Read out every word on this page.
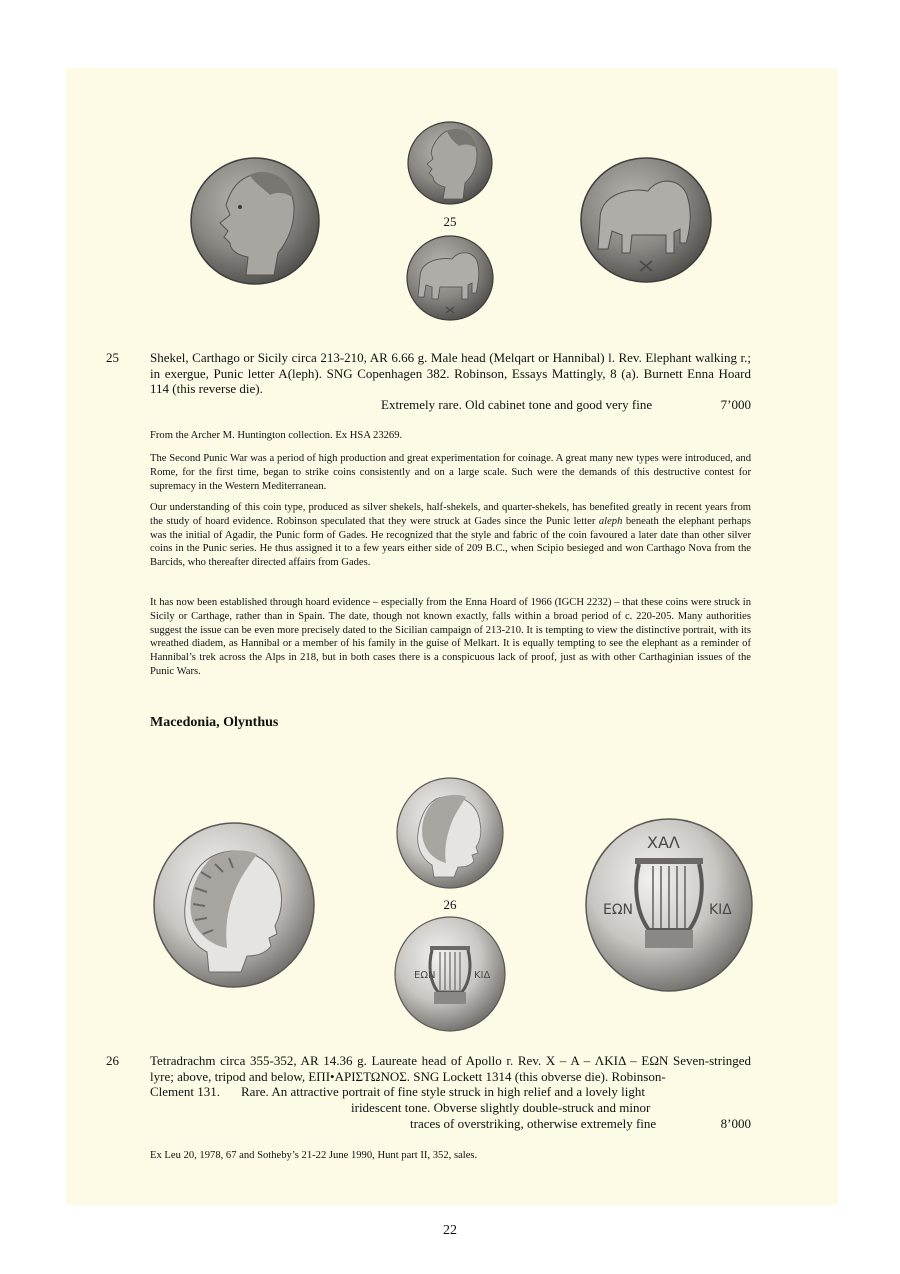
25
25 Shekel, Carthago or Sicily circa 213-210, AR 6.66 g. Male head (Melqart or Hannibal) l. Rev. Elephant walking r.; in exergue, Punic letter A(leph). SNG Copenhagen 382. Robinson, Essays Mattingly, 8 (a). Burnett Enna Hoard 114 (this reverse die).
Extremely rare. Old cabinet tone and good very fine	7’000

From the Archer M. Huntington collection. Ex HSA 23269.

The Second Punic War was a period of high production and great experimentation for coinage. A great many new types were introduced, and Rome, for the first time, began to strike coins consistently and on a large scale. Such were the demands of this destructive contest for supremacy in the Western Mediterranean.

Our understanding of this coin type, produced as silver shekels, half-shekels, and quarter-shekels, has benefited greatly in recent years from the study of hoard evidence. Robinson speculated that they were struck at Gades since the Punic letter aleph beneath the elephant perhaps was the initial of Agadir, the Punic form of Gades. He recognized that the style and fabric of the coin favoured a later date than other silver coins in the Punic series. He thus assigned it to a few years either side of 209 B.C., when Scipio besieged and won Carthago Nova from the Barcids, who thereafter directed affairs from Gades.

It has now been established through hoard evidence – especially from the Enna Hoard of 1966 (IGCH 2232) – that these coins were struck in Sicily or Carthage, rather than in Spain. The date, though not known exactly, falls within a broad period of c. 220-205. Many authorities suggest the issue can be even more precisely dated to the Sicilian campaign of 213-210. It is tempting to view the distinctive portrait, with its wreathed diadem, as Hannibal or a member of his family in the guise of Melkart. It is equally tempting to see the elephant as a reminder of Hannibal’s trek across the Alps in 218, but in both cases there is a conspicuous lack of proof, just as with other Carthaginian issues of the Punic Wars.

Macedonia, Olynthus
26
ΕΩΝ	ΚΙΔ
ΧΑΛ
ΕΩΝ	ΚΙΔ
26 Tetradrachm circa 355-352, AR 14.36 g. Laureate head of Apollo r. Rev. X – A – ΛΚΙΔ – ΕΩΝ Seven-stringed lyre; above, tripod and below, ΕΠΙ•ΑΡΙΣΤΩΝΟΣ. SNG Lockett 1314 (this obverse die). Robinson-
Clement 131. Rare. An attractive portrait of fine style struck in high relief and a lovely light
iridescent tone. Obverse slightly double-struck and minor
traces of overstriking, otherwise extremely fine	8’000

Ex Leu 20, 1978, 67 and Sotheby’s 21-22 June 1990, Hunt part II, 352, sales.

22
